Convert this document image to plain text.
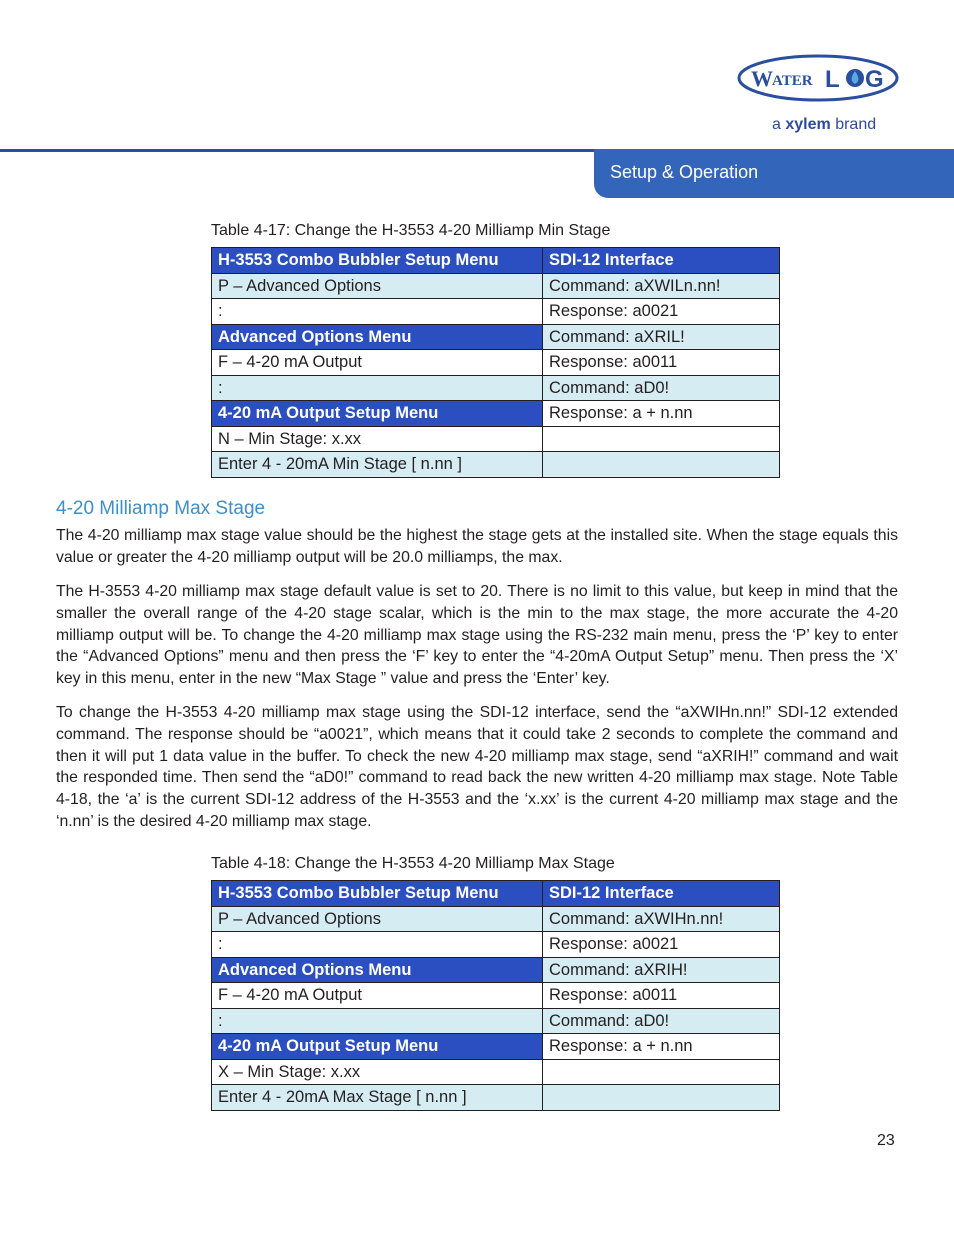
W ATER L G
a xylem brand
Setup & Operation
Table 4-17: Change the H-3553 4-20 Milliamp Min Stage
H-3553 Combo Bubbler Setup Menu	SDI-12 Interface
P – Advanced Options	Command: aXWILn.nn!
:	Response: a0021
Advanced Options Menu	Command: aXRIL!
F – 4-20 mA Output	Response: a0011
:	Command: aD0!
4-20 mA Output Setup Menu	Response: a + n.nn
N – Min Stage: x.xx	
Enter 4 - 20mA Min Stage [ n.nn ]	
4-20 Milliamp Max Stage

The 4-20 milliamp max stage value should be the highest the stage gets at the installed site. When the stage equals this value or greater the 4-20 milliamp output will be 20.0 milliamps, the max.

The H-3553 4-20 milliamp max stage default value is set to 20. There is no limit to this value, but keep in mind that the smaller the overall range of the 4-20 stage scalar, which is the min to the max stage, the more accurate the 4-20 milliamp output will be. To change the 4-20 milliamp max stage using the RS-232 main menu, press the ‘P’ key to enter the “Advanced Options” menu and then press the ‘F’ key to enter the “4-20mA Output Setup” menu. Then press the ‘X’ key in this menu, enter in the new “Max Stage ” value and press the ‘Enter’ key.

To change the H-3553 4-20 milliamp max stage using the SDI-12 interface, send the “aXWIHn.nn!” SDI-12 extended command. The response should be “a0021”, which means that it could take 2 seconds to complete the command and then it will put 1 data value in the buffer. To check the new 4-20 milliamp max stage, send “aXRIH!” command and wait the responded time. Then send the “aD0!” command to read back the new written 4-20 milliamp max stage. Note Table 4-18, the ‘a’ is the current SDI-12 address of the H-3553 and the ‘x.xx’ is the current 4-20 milliamp max stage and the ‘n.nn’ is the desired 4-20 milliamp max stage.

Table 4-18: Change the H-3553 4-20 Milliamp Max Stage
H-3553 Combo Bubbler Setup Menu	SDI-12 Interface
P – Advanced Options	Command: aXWIHn.nn!
:	Response: a0021
Advanced Options Menu	Command: aXRIH!
F – 4-20 mA Output	Response: a0011
:	Command: aD0!
4-20 mA Output Setup Menu	Response: a + n.nn
X – Min Stage: x.xx	
Enter 4 - 20mA Max Stage [ n.nn ]	
23
